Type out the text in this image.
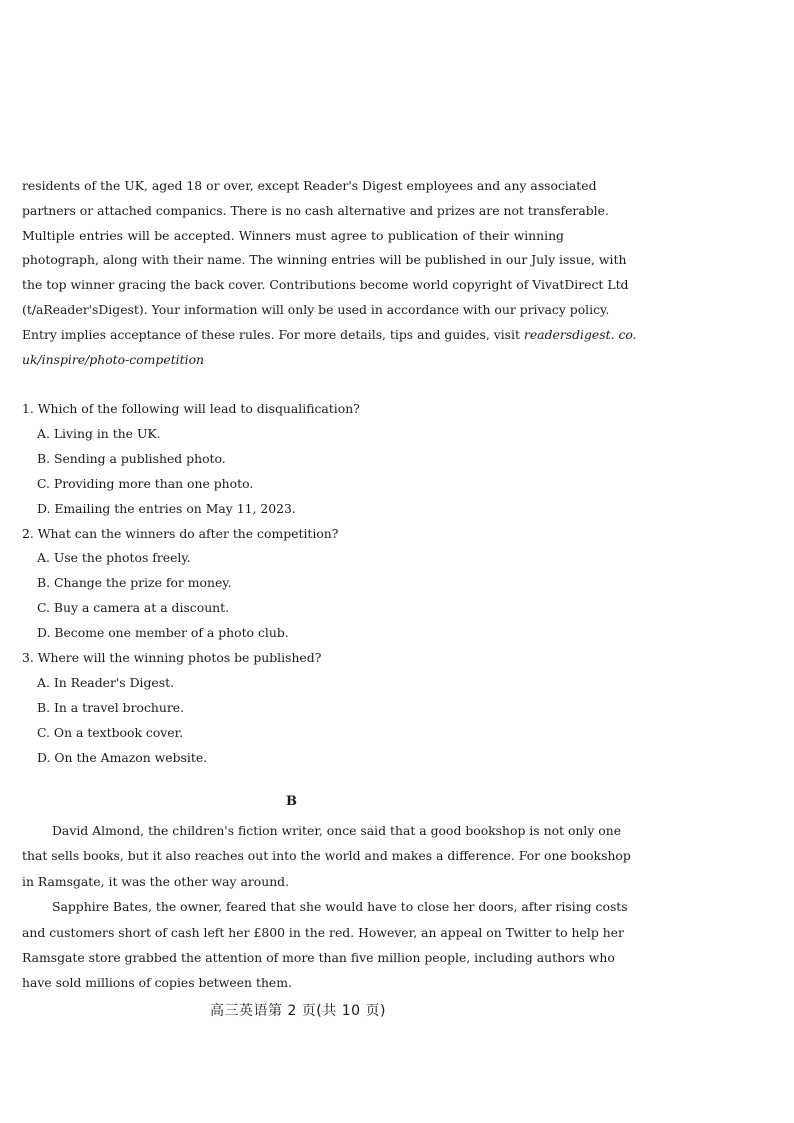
residents of the UK, aged 18 or over, except Reader's Digest employees and any associated
partners or attached companics. There is no cash alternative and prizes are not transferable.
Multiple entries will be accepted. Winners must agree to publication of their winning
photograph, along with their name. The winning entries will be published in our July issue, with
the top winner gracing the back cover. Contributions become world copyright of VivatDirect Ltd
(t/aReader'sDigest). Your information will only be used in accordance with our privacy policy.
Entry implies acceptance of these rules. For more details, tips and guides, visit readersdigest. co.
uk/inspire/photo-competition
1. Which of the following will lead to disqualification?
A. Living in the UK.
B. Sending a published photo.
C. Providing more than one photo.
D. Emailing the entries on May 11, 2023.
2. What can the winners do after the competition?
A. Use the photos freely.
B. Change the prize for money.
C. Buy a camera at a discount.
D. Become one member of a photo club.
3. Where will the winning photos be published?
A. In Reader's Digest.
B. In a travel brochure.
C. On a textbook cover.
D. On the Amazon website.
B
David Almond, the children's fiction writer, once said that a good bookshop is not only one
that sells books, but it also reaches out into the world and makes a difference. For one bookshop
in Ramsgate, it was the other way around.
Sapphire Bates, the owner, feared that she would have to close her doors, after rising costs
and customers short of cash left her £800 in the red. However, an appeal on Twitter to help her
Ramsgate store grabbed the attention of more than five million people, including authors who
have sold millions of copies between them.
高三英语第 2 页(共 10 页)
